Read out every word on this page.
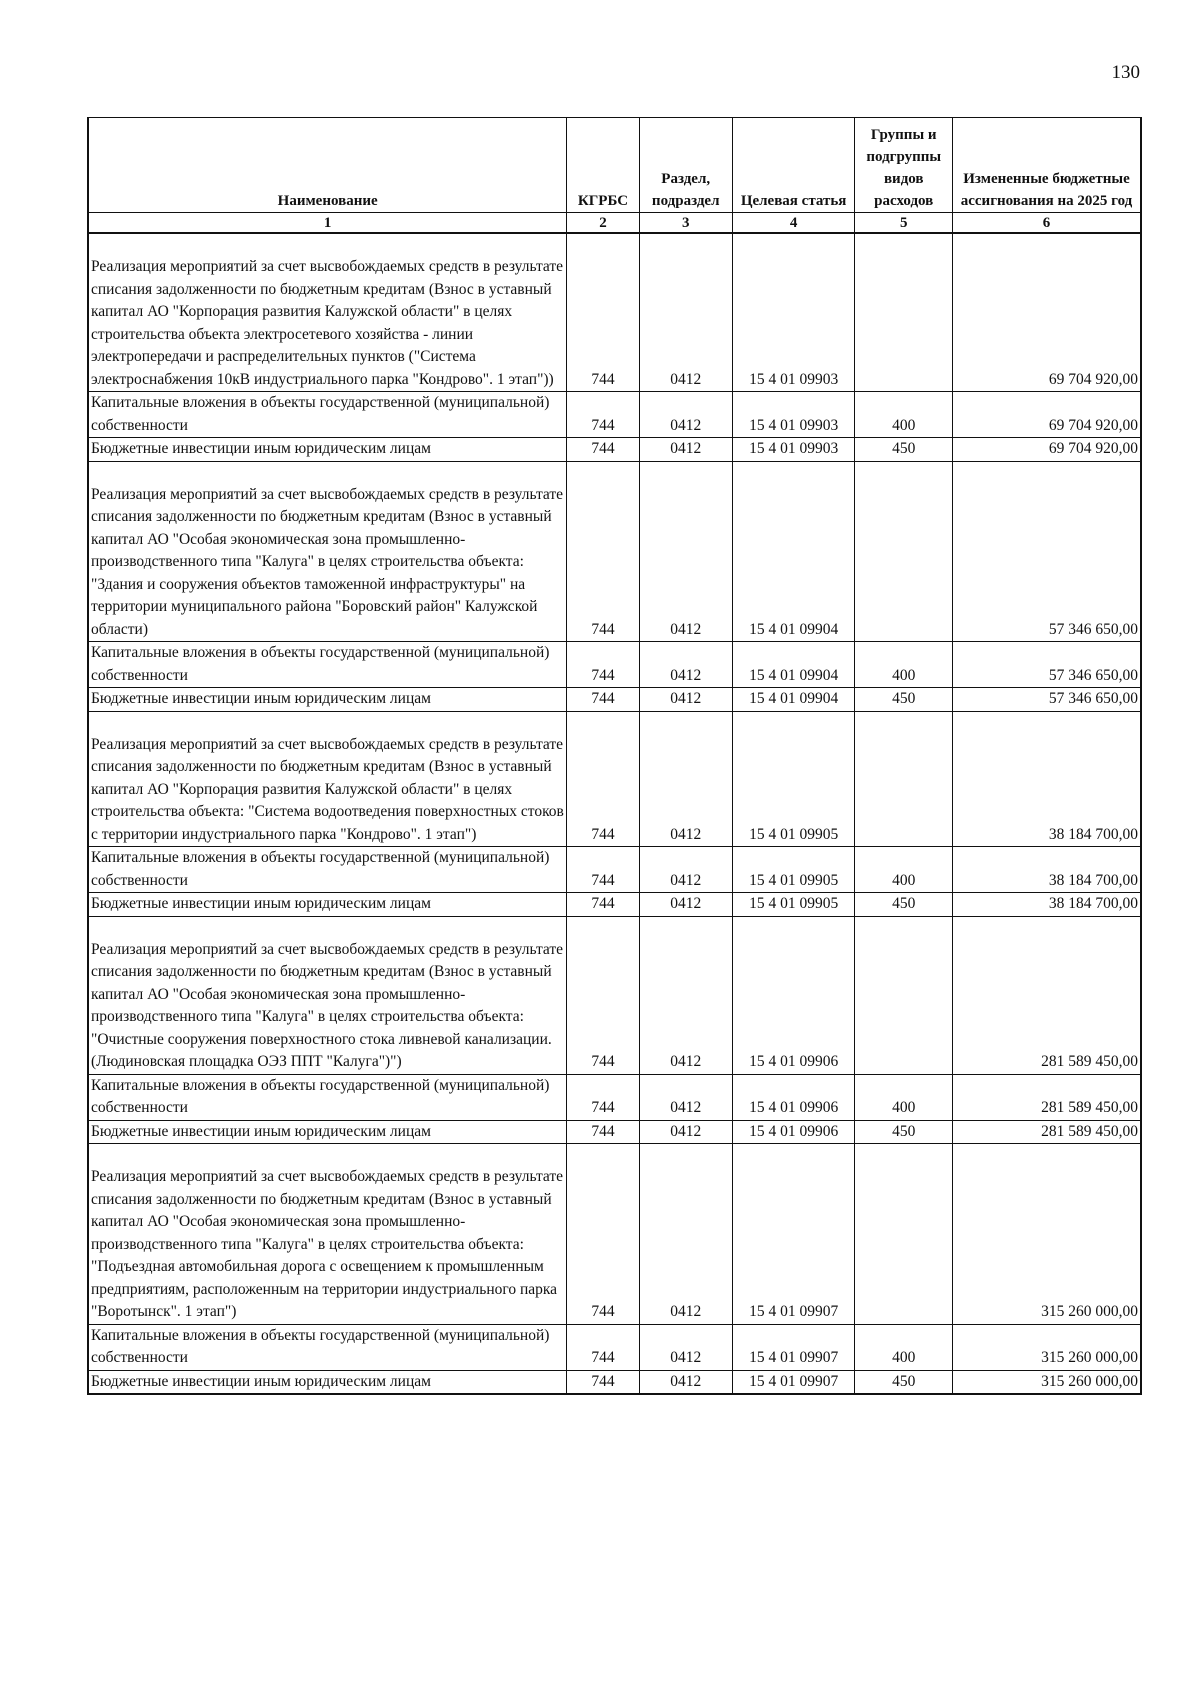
130
Наименование	КГРБС	Раздел, подраздел	Целевая статья	Группы и подгруппы видов расходов	Измененные бюджетные ассигнования на 2025 год
1	2	3	4	5	6
Реализация мероприятий за счет высвобождаемых средств в результате списания задолженности по бюджетным кредитам (Взнос в уставный капитал АО "Корпорация развития Калужской области" в целях строительства объекта электросетевого хозяйства - линии электропередачи и распределительных пунктов ("Система электроснабжения 10кВ индустриального парка "Кондрово". 1 этап"))	744	0412	15 4 01 09903		69 704 920,00
Капитальные вложения в объекты государственной (муниципальной) собственности	744	0412	15 4 01 09903	400	69 704 920,00
Бюджетные инвестиции иным юридическим лицам	744	0412	15 4 01 09903	450	69 704 920,00
Реализация мероприятий за счет высвобождаемых средств в результате списания задолженности по бюджетным кредитам (Взнос в уставный капитал АО "Особая экономическая зона промышленно-производственного типа "Калуга" в целях строительства объекта: "Здания и сооружения объектов таможенной инфраструктуры" на территории муниципального района "Боровский район" Калужской области)	744	0412	15 4 01 09904		57 346 650,00
Капитальные вложения в объекты государственной (муниципальной) собственности	744	0412	15 4 01 09904	400	57 346 650,00
Бюджетные инвестиции иным юридическим лицам	744	0412	15 4 01 09904	450	57 346 650,00
Реализация мероприятий за счет высвобождаемых средств в результате списания задолженности по бюджетным кредитам (Взнос в уставный капитал АО "Корпорация развития Калужской области" в целях строительства объекта: "Система водоотведения поверхностных стоков с территории индустриального парка "Кондрово". 1 этап")	744	0412	15 4 01 09905		38 184 700,00
Капитальные вложения в объекты государственной (муниципальной) собственности	744	0412	15 4 01 09905	400	38 184 700,00
Бюджетные инвестиции иным юридическим лицам	744	0412	15 4 01 09905	450	38 184 700,00
Реализация мероприятий за счет высвобождаемых средств в результате списания задолженности по бюджетным кредитам (Взнос в уставный капитал АО "Особая экономическая зона промышленно-производственного типа "Калуга" в целях строительства объекта: "Очистные сооружения поверхностного стока ливневой канализации. (Людиновская площадка ОЭЗ ППТ "Калуга")")	744	0412	15 4 01 09906		281 589 450,00
Капитальные вложения в объекты государственной (муниципальной) собственности	744	0412	15 4 01 09906	400	281 589 450,00
Бюджетные инвестиции иным юридическим лицам	744	0412	15 4 01 09906	450	281 589 450,00
Реализация мероприятий за счет высвобождаемых средств в результате списания задолженности по бюджетным кредитам (Взнос в уставный капитал АО "Особая экономическая зона промышленно-производственного типа "Калуга" в целях строительства объекта: "Подъездная автомобильная дорога с освещением к промышленным предприятиям, расположенным на территории индустриального парка "Воротынск". 1 этап")	744	0412	15 4 01 09907		315 260 000,00
Капитальные вложения в объекты государственной (муниципальной) собственности	744	0412	15 4 01 09907	400	315 260 000,00
Бюджетные инвестиции иным юридическим лицам	744	0412	15 4 01 09907	450	315 260 000,00
